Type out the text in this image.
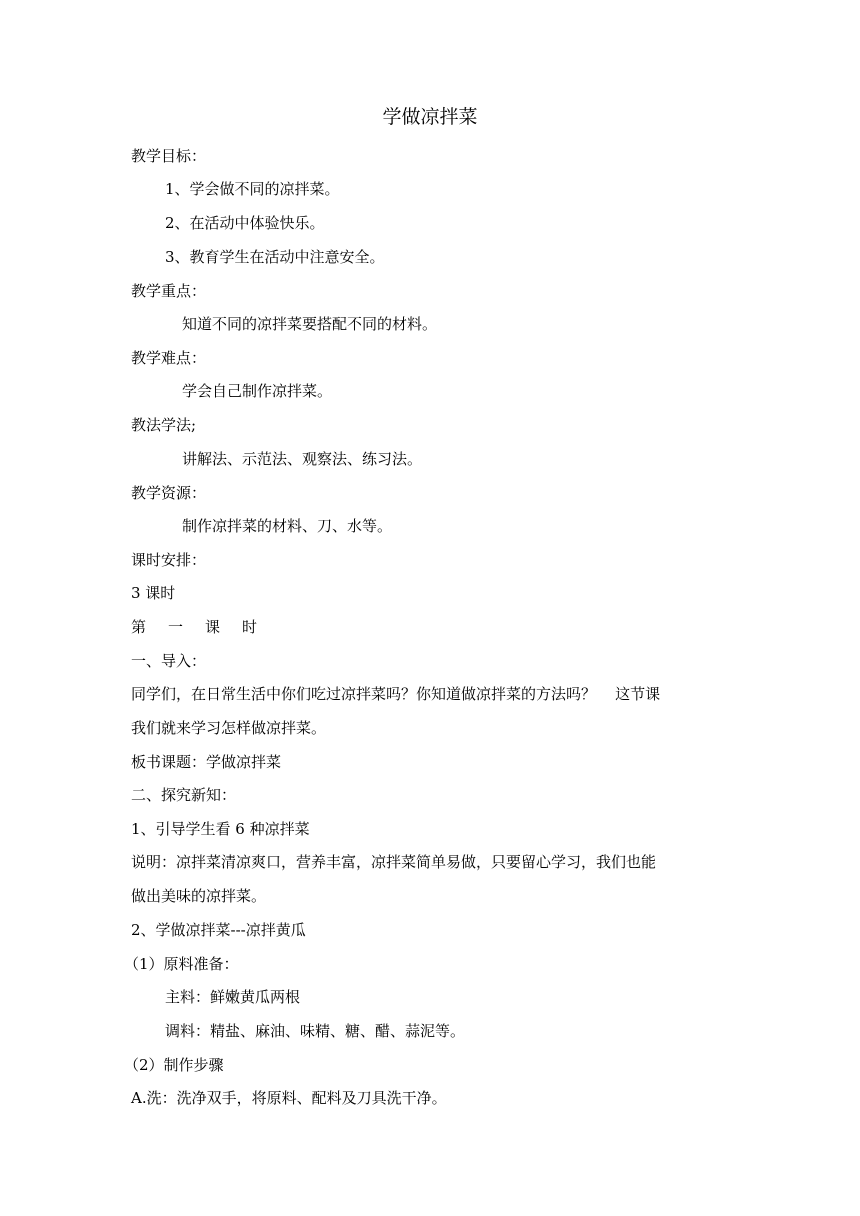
学做凉拌菜
教学目标：
1、学会做不同的凉拌菜。
2、在活动中体验快乐。
3、教育学生在活动中注意安全。
教学重点：
知道不同的凉拌菜要搭配不同的材料。
教学难点：
学会自己制作凉拌菜。
教法学法;
讲解法、示范法、观察法、练习法。
教学资源：
制作凉拌菜的材料、刀、水等。
课时安排：
3 课时
第 一 课 时
一、导入：
同学们，在日常生活中你们吃过凉拌菜吗？你知道做凉拌菜的方法吗？    这节课
我们就来学习怎样做凉拌菜。
板书课题：学做凉拌菜
二、探究新知：
1、引导学生看 6 种凉拌菜
说明：凉拌菜清凉爽口，营养丰富，凉拌菜简单易做，只要留心学习，我们也能
做出美味的凉拌菜。
2、学做凉拌菜---凉拌黄瓜
（1）原料准备：
主料：鲜嫩黄瓜两根
调料：精盐、麻油、味精、糖、醋、蒜泥等。
（2）制作步骤
A.洗：洗净双手，将原料、配料及刀具洗干净。
